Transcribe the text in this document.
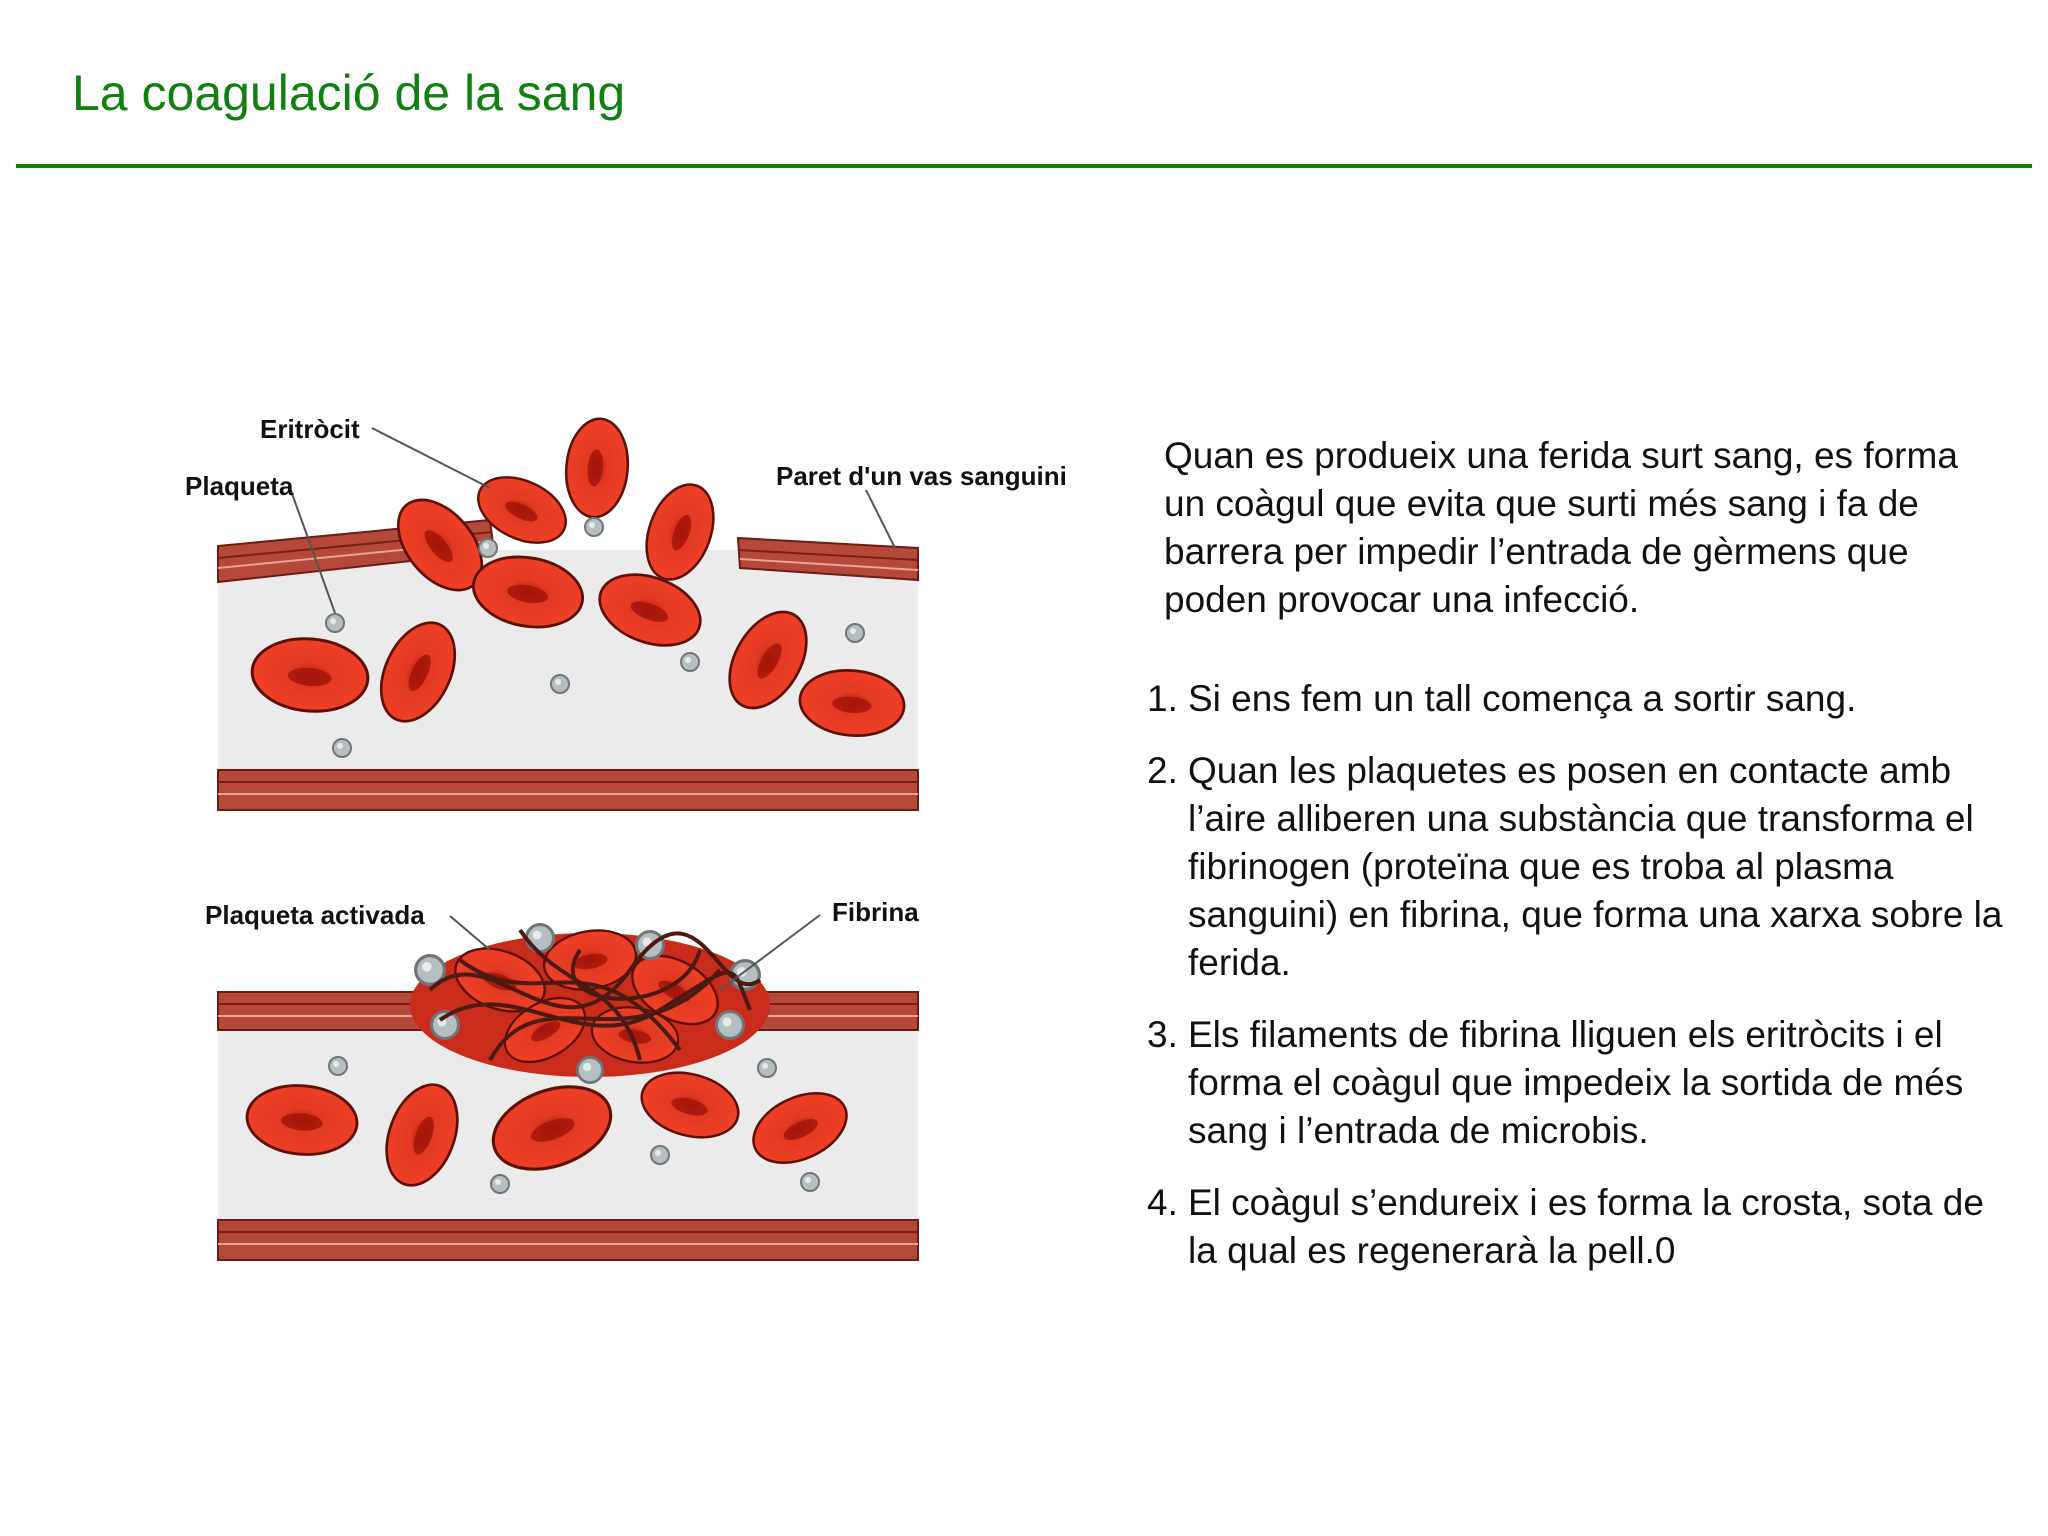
La coagulació de la sang
Eritròcit
Plaqueta	Paret d'un vas sanguini
Plaqueta activada	Fibrina

Quan es produeix una ferida surt sang, es forma un coàgul que evita que surti més sang i fa de barrera per impedir l’entrada de gèrmens que poden provocar una infecció.

1. Si ens fem un tall comença a sortir sang.
2. Quan les plaquetes es posen en contacte amb l’aire alliberen una substància que transforma el fibrinogen (proteïna que es troba al plasma sanguini) en fibrina, que forma una xarxa sobre la ferida.
3. Els filaments de fibrina lliguen els eritròcits i el forma el coàgul que impedeix la sortida de més sang i l’entrada de microbis.
4. El coàgul s’endureix i es forma la crosta, sota de la qual es regenerarà la pell.0
